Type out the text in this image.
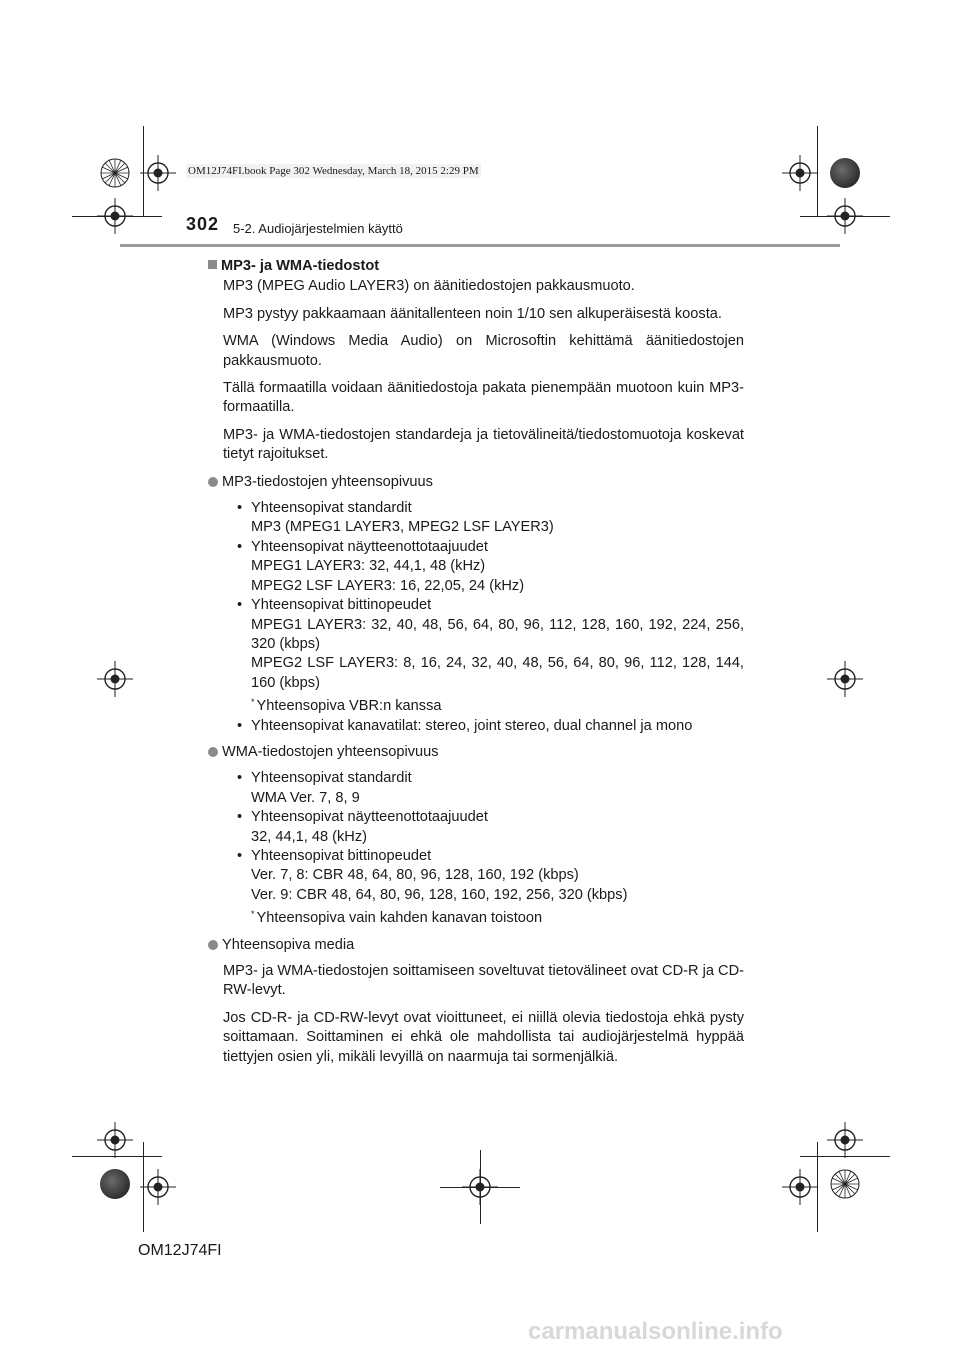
OM12J74FI.book Page 302 Wednesday, March 18, 2015 2:29 PM
302 5-2. Audiojärjestelmien käyttö
MP3- ja WMA-tiedostot

MP3 (MPEG Audio LAYER3) on äänitiedostojen pakkausmuoto.

MP3 pystyy pakkaamaan äänitallenteen noin 1/10 sen alkuperäisestä koosta.

WMA (Windows Media Audio) on Microsoftin kehittämä äänitiedostojen pakkausmuoto.

Tällä formaatilla voidaan äänitiedostoja pakata pienempään muotoon kuin MP3-formaatilla.

MP3- ja WMA-tiedostojen standardeja ja tietovälineitä/tiedostomuotoja koskevat tietyt rajoitukset.

MP3-tiedostojen yhteensopivuus
• Yhteensopivat standardit
MP3 (MPEG1 LAYER3, MPEG2 LSF LAYER3)
• Yhteensopivat näytteenottotaajuudet
MPEG1 LAYER3: 32, 44,1, 48 (kHz)
MPEG2 LSF LAYER3: 16, 22,05, 24 (kHz)
• Yhteensopivat bittinopeudet
MPEG1 LAYER3: 32, 40, 48, 56, 64, 80, 96, 112, 128, 160, 192, 224, 256, 320 (kbps)
MPEG2 LSF LAYER3: 8, 16, 24, 32, 40, 48, 56, 64, 80, 96, 112, 128, 144, 160 (kbps)
* Yhteensopiva VBR:n kanssa
• Yhteensopivat kanavatilat: stereo, joint stereo, dual channel ja mono
WMA-tiedostojen yhteensopivuus
• Yhteensopivat standardit
WMA Ver. 7, 8, 9
• Yhteensopivat näytteenottotaajuudet
32, 44,1, 48 (kHz)
• Yhteensopivat bittinopeudet
Ver. 7, 8: CBR 48, 64, 80, 96, 128, 160, 192 (kbps)
Ver. 9: CBR 48, 64, 80, 96, 128, 160, 192, 256, 320 (kbps)
* Yhteensopiva vain kahden kanavan toistoon
Yhteensopiva media

MP3- ja WMA-tiedostojen soittamiseen soveltuvat tietovälineet ovat CD-R ja CD-RW-levyt.

Jos CD-R- ja CD-RW-levyt ovat vioittuneet, ei niillä olevia tiedostoja ehkä pysty soittamaan. Soittaminen ei ehkä ole mahdollista tai audiojärjestelmä hyppää tiettyjen osien yli, mikäli levyillä on naarmuja tai sormenjälkiä.

OM12J74FI
carmanualsonline.info
